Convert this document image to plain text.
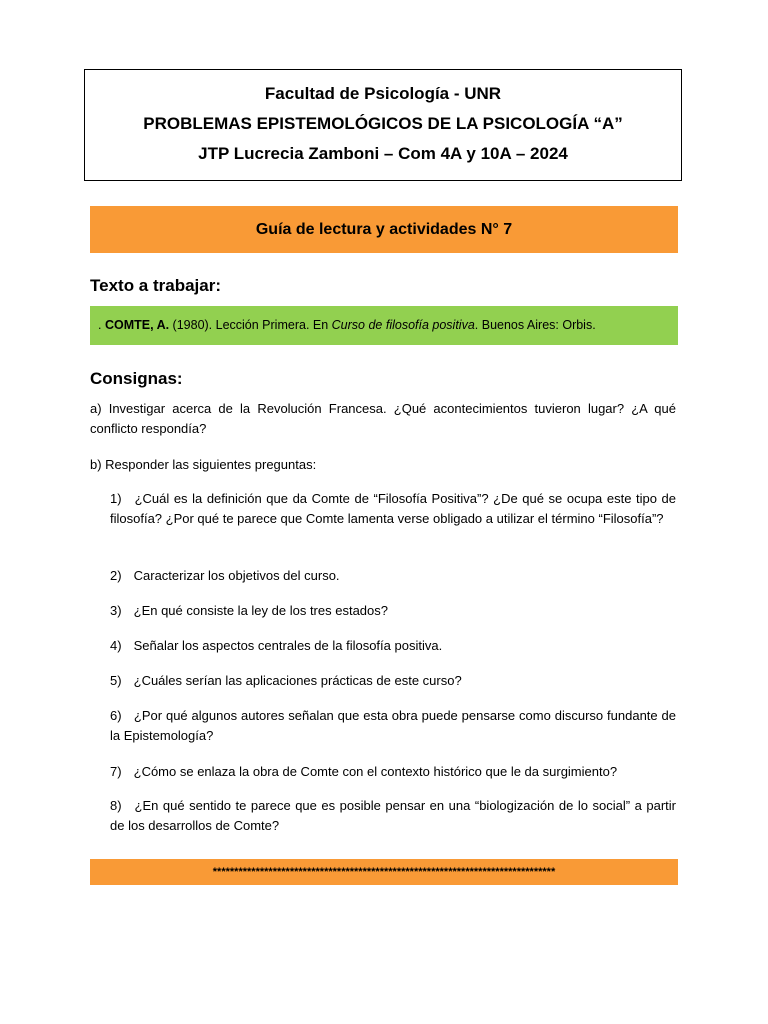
Facultad de Psicología - UNR
PROBLEMAS EPISTEMOLÓGICOS DE LA PSICOLOGÍA “A”
JTP Lucrecia Zamboni – Com 4A y 10A – 2024
Guía de lectura y actividades N° 7
Texto a trabajar:
. COMTE, A. (1980). Lección Primera. En Curso de filosofía positiva. Buenos Aires: Orbis.
Consignas:
a) Investigar acerca de la Revolución Francesa. ¿Qué acontecimientos tuvieron lugar? ¿A qué conflicto respondía?
b) Responder las siguientes preguntas:
1) ¿Cuál es la definición que da Comte de “Filosofía Positiva”? ¿De qué se ocupa este tipo de filosofía? ¿Por qué te parece que Comte lamenta verse obligado a utilizar el término “Filosofía”?
2) Caracterizar los objetivos del curso.
3) ¿En qué consiste la ley de los tres estados?
4) Señalar los aspectos centrales de la filosofía positiva.
5) ¿Cuáles serían las aplicaciones prácticas de este curso?
6) ¿Por qué algunos autores señalan que esta obra puede pensarse como discurso fundante de la Epistemología?
7) ¿Cómo se enlaza la obra de Comte con el contexto histórico que le da surgimiento?
8) ¿En qué sentido te parece que es posible pensar en una “biologización de lo social” a partir de los desarrollos de Comte?
********************************************************************************
